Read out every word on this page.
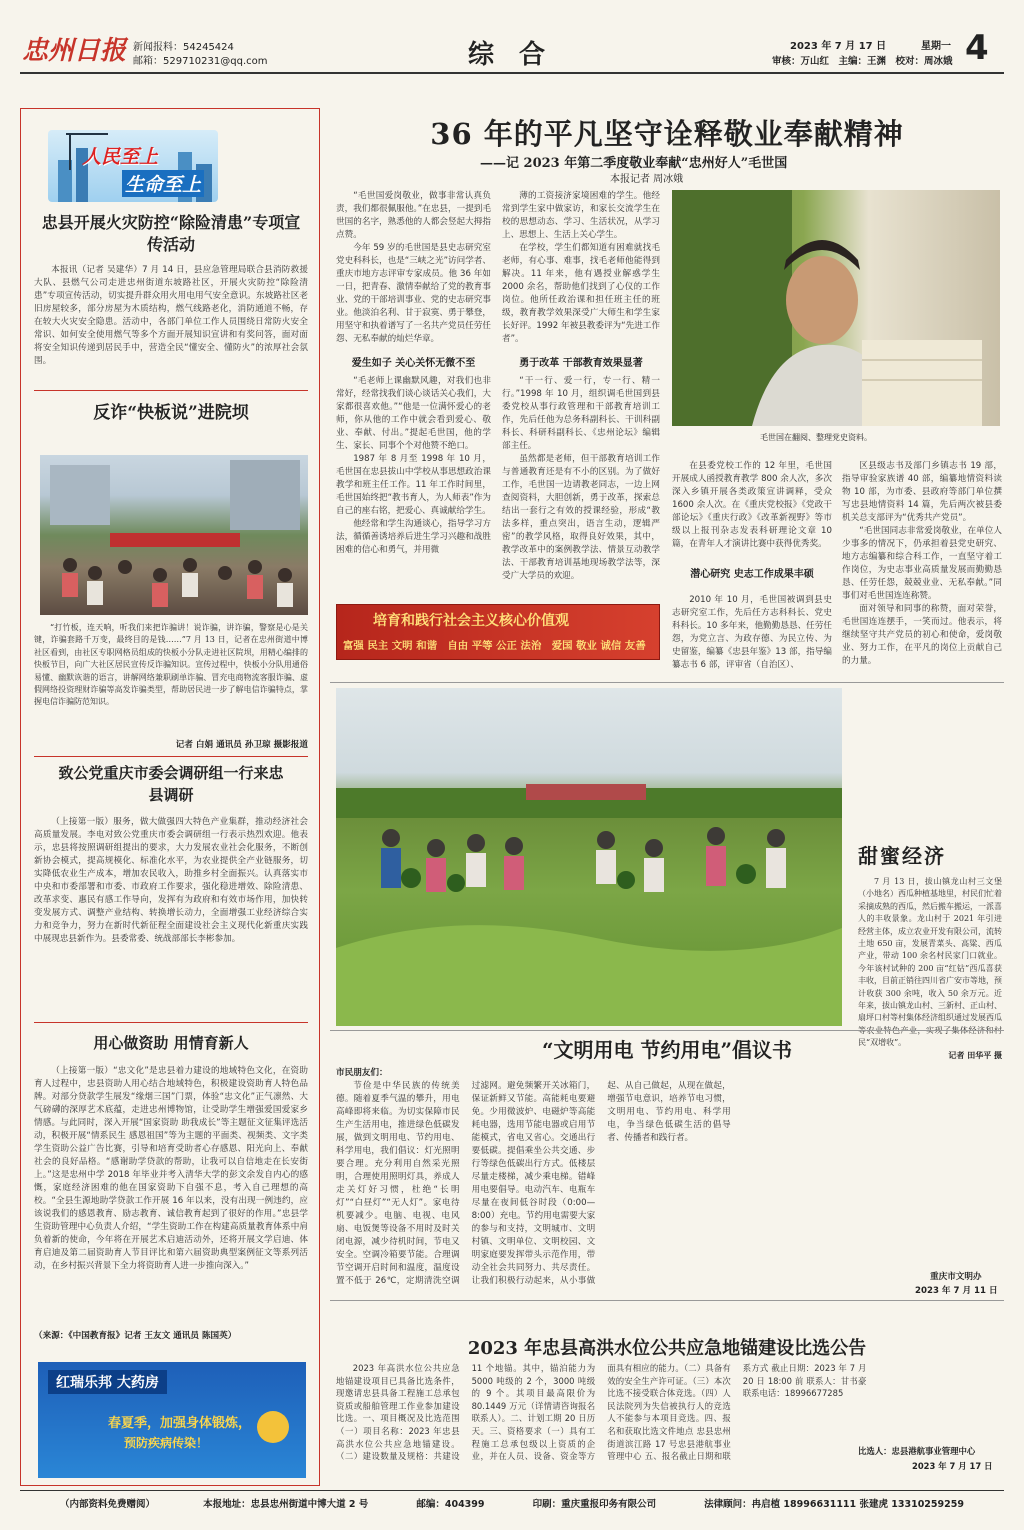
忠州日报 新闻报料：54245424
邮箱：529710231@qq.com	综 合	2023 年 7 月 17 日	星期一 4
审核：万山红　主编：王渊　校对：周冰娥
人民至上
生命至上
忠县开展火灾防控“除险清患”专项宣传活动

本报讯（记者 吴建华）7 月 14 日，县应急管理局联合县消防救援大队、县燃气公司走进忠州街道东坡路社区，开展火灾防控“除险清患”专项宣传活动，切实提升群众用火用电用气安全意识。东坡路社区老旧房屋较多，部分房屋为木质结构，燃气线路老化，消防通道不畅，存在较大火灾安全隐患。活动中，各部门单位工作人员围绕日常防火安全常识、如何安全使用燃气等多个方面开展知识宣讲和有奖问答，面对面将安全知识传递到居民手中，营造全民“懂安全、懂防火”的浓厚社会氛围。

反诈“快板说”进院坝

“打竹板，连天响，听我们来把诈骗讲！说诈骗，讲诈骗，警察是心是关键，诈骗套路千万变，最终目的是钱……”7 月 13 日，记者在忠州街道中博社区看到，由社区专职网格员组成的快板小分队走进社区院坝，用精心编排的快板节目，向广大社区居民宣传反诈骗知识。宣传过程中，快板小分队用通俗易懂、幽默诙谐的语言，讲解网络兼职刷单诈骗、冒充电商物流客服诈骗、虚假网络投资理财诈骗等高发诈骗类型，帮助居民进一步了解电信诈骗特点，掌握电信诈骗防范知识。

记者 白娟 通讯员 孙卫琼 摄影报道
致公党重庆市委会调研组一行来忠县调研

（上接第一版）服务，做大做强四大特色产业集群，推动经济社会高质量发展。李电对致公党重庆市委会调研组一行表示热烈欢迎。他表示，忠县将按照调研组提出的要求，大力发展农业社会化服务，不断创新协会模式，提高规模化、标准化水平，为农业提供全产业链服务，切实降低农业生产成本，增加农民收入，助推乡村全面振兴。认真落实市中央和市委部署和市委、市政府工作要求，强化稳进增效、除险清患、改革求变、惠民有感工作导向，发挥有为政府和有效市场作用，加快转变发展方式、调整产业结构、转换增长动力，全面增强工业经济综合实力和竞争力，努力在新时代新征程全面建设社会主义现代化新重庆实践中展现忠县新作为。县委常委、统战部部长李彬参加。

用心做资助 用情育新人

（上接第一版）“忠文化”是忠县着力建设的地域特色文化，在资助育人过程中，忠县资助人用心结合地域特色，积极建设资助育人特色品牌。对部分贷款学生展发“缘烟三国”门票，体验“忠文化”正气凛然、大气磅礴的深厚艺术底蕴，走进忠州博物馆，让受助学生增强爱国爱家乡情感。与此同时，深入开展“国家资助 助我成长”等主题征文征集评选活动，积极开展“情系民生 感恩祖国”等为主题的平面类、视频类、文字类学生资助公益广告比赛，引导和培育受助者心存感恩、阳光向上、奉献社会的良好品格。“感谢助学贷款的帮助，让我可以自信地走在长安街上。”这是忠州中学 2018 年毕业并考入清华大学的彭文余发自内心的感慨，家庭经济困难的他在国家资助下自强不息，考入自己理想的高校。“全县生源地助学贷款工作开展 16 年以来，没有出现一例违约，应该说我们的感恩教育、励志教育、诚信教育起到了很好的作用。”忠县学生资助管理中心负责人介绍，“学生资助工作在构建高质量教育体系中肩负着新的使命，今年将在开展艺术启迪活动外，还将开展文学启迪、体育启迪及第二届资助育人节目评比和第六届资助典型案例征文等系列活动，在乡村振兴背景下全力将资助育人进一步推向深入。”

（来源：《中国教育报》记者 王友文 通讯员 陈国英）
红瑞乐邦 大药房
春夏季，加强身体锻炼，
预防疾病传染！
36 年的平凡坚守诠释敬业奉献精神
——记 2023 年第二季度敬业奉献“忠州好人”毛世国
本报记者 周冰娥

“毛世国爱岗敬业，做事非常认真负责，我们都很佩服他。”在忠县，一提到毛世国的名字，熟悉他的人都会竖起大拇指点赞。

今年 59 岁的毛世国是县史志研究室党史科科长，也是“三峡之光”访问学者、重庆市地方志评审专家成员。他 36 年如一日，把青春、激情奉献给了党的教育事业、党的干部培训事业、党的史志研究事业。他淡泊名利、甘于寂寞、勇于攀登，用坚守和执着谱写了一名共产党员任劳任怨、无私奉献的灿烂华章。

爱生如子 关心关怀无微不至

“毛老师上课幽默风趣，对我们也非常好，经常找我们谈心谈话关心我们，大家都很喜欢他。”“他是一位满怀爱心的老师，你从他的工作中就会看到爱心、敬业、奉献、付出。”提起毛世国，他的学生、家长、同事个个对他赞不绝口。

1987 年 8 月至 1998 年 10 月，毛世国在忠县拔山中学校从事思想政治课教学和班主任工作。11 年工作时间里，毛世国始终把“教书育人，为人师表”作为自己的座右铭，把爱心、真诚献给学生。

他经常和学生沟通谈心，指导学习方法，循循善诱培养后进生学习兴趣和战胜困难的信心和勇气，并用微

薄的工资接济家境困难的学生。他经常到学生家中做家访，和家长交流学生在校的思想动态、学习、生活状况，从学习上、思想上、生活上关心学生。

在学校，学生们都知道有困难就找毛老师，有心事、难事，找毛老师他能得到解决。11 年来，他有遇授业解惑学生 2000 余名，帮助他们找到了心仪的工作岗位。他所任政治课和担任班主任的班级，教育教学效果深受广大师生和学生家长好评。1992 年被县教委评为“先进工作者”。

勇于改革 干部教育效果显著

“干一行、爱一行，专一行、精一行。”1998 年 10 月，组织调毛世国到县委党校从事行政管理和干部教育培训工作，先后任他为总务科副科长、干训科副科长、科研科副科长、《忠州论坛》编辑部主任。

虽然都是老师，但干部教育培训工作与普通教育还是有不小的区别。为了做好工作，毛世国一边请教老同志，一边上网查阅资料，大胆创新，勇于改革，探索总结出一套行之有效的授课经验，形成“教法多样，重点突出，语言生动，逻辑严密”的教学风格，取得良好效果，其中，教学改革中的案例教学法、情景互动教学法、干部教育培训基地现场教学法等，深受广大学员的欢迎。

毛世国在翻阅、整理党史资料。

在县委党校工作的 12 年里，毛世国开展成人函授教育教学 800 余人次，多次深入乡镇开展各类政策宣讲调释，受众 1600 余人次。在《重庆党校报》《党政干部论坛》《重庆行政》《改革新视野》等市级以上报刊杂志发表科研理论文章 10 篇，在青年人才演讲比赛中获得优秀奖。

潜心研究 史志工作成果丰硕

2010 年 10 月，毛世国被调到县史志研究室工作，先后任方志科科长、党史科科长。10 多年来，他勤勤恳恳、任劳任怨，为党立言、为政存德、为民立传、为史留鉴，编纂《忠县年鉴》13 部，指导编纂志书 6 部，评审省（自治区）、

区县级志书及部门乡镇志书 19 部，指导审验家族谱 40 部，编纂地情资料读物 10 部，为市委、县政府等部门单位撰写忠县地情资料 14 篇，先后两次被县委机关总支部评为“优秀共产党员”。

“毛世国同志非常爱岗敬业，在单位人少事多的情况下，仍承担着县党史研究、地方志编纂和综合科工作，一直坚守着工作岗位，为史志事业高质量发展而勤勤恳恳、任劳任怨，兢兢业业、无私奉献。”同事们对毛世国连连称赞。

面对领导和同事的称赞，面对荣誉，毛世国连连摆手，一笑而过。他表示，将继续坚守共产党员的初心和使命，爱岗敬业、努力工作，在平凡的岗位上贡献自己的力量。

培育和践行社会主义核心价值观
富强 民主 文明 和谐　自由 平等 公正 法治　爱国 敬业 诚信 友善
甜蜜经济

7 月 13 日，拔山镇龙山村三文堡（小地名）西瓜种植基地里，村民们忙着采摘成熟的西瓜，然后搬车搬运，一派喜人的丰收景象。龙山村于 2021 年引进经营主体，成立农业开发有限公司，流转土地 650 亩，发展青菜头、高粱、西瓜产业，带动 100 余名村民家门口就业。今年该村试种的 200 亩“红钻”西瓜喜获丰收，目前正销往四川省广安市等地，预计收获 300 余吨，收入 50 余万元。近年来，拔山镇龙山村、三新村、正山村、扇坪口村等村集体经济组织通过发展西瓜 民“双增收”。

记者 田华平 摄
“文明用电 节约用电”倡议书
市民朋友们：

节俭是中华民族的传统美德。随着夏季气温的攀升，用电高峰即将来临。为切实保障市民生产生活用电，推进绿色低碳发展，做到文明用电、节约用电、科学用电，我们倡议：灯光照明要合理。充分利用自然采光照明，合理使用照明灯具，养成人走关灯好习惯，杜绝“长明灯”“白昼灯”“无人灯”。家电待机要减少。电脑、电视、电风扇、电饭煲等设备不用时及时关闭电源，减少待机时间，节电又安全。空调冷箱要节能。合理调节空调开启时间和温度，温度设置不低于 26℃，定期清洗空调过滤网。避免频繁开关冰箱门，保证新鲜又节能。高能耗电要避免。少用微波炉、电磁炉等高能耗电器，选用节能电器或启用节能模式，省电又省心。交通出行要低碳。提倡乘坐公共交通、步行等绿色低碳出行方式。低楼层尽量走楼梯，减少乘电梯。错峰用电要倡导。电动汽车、电瓶车尽量在夜间低谷时段（0:00—8:00）充电。节约用电需要大家的参与和支持，文明城市、文明村镇、文明单位、文明校园、文明家庭要发挥带头示范作用，带动全社会共同努力、共尽责任。让我们积极行动起来，从小事做起、从自己做起，从现在做起，增强节电意识，培养节电习惯，文明用电、节约用电、科学用电，争当绿色低碳生活的倡导者、传播者和践行者。

重庆市文明办
2023 年 7 月 11 日
2023 年忠县高洪水位公共应急地锚建设比选公告

2023 年高洪水位公共应急地锚建设项目已具备比选条件，现邀请忠县具备工程施工总承包资质或船舶管理工作业参加建设比选。一、项目概况及比选范围（一）项目名称：2023 年忠县高洪水位公共应急地锚建设。（二）建设数量及规格：共建设 11 个地锚。其中，锚泊能力为 5000 吨级的 2 个，3000 吨级的 9 个。其项目最高限价为 80.1449 万元（详情请咨询报名联系人）。二、计划工期 20 日历天。三、资格要求（一）具有工程施工总承包级以上资质的企业，并在人员、设备、资金等方面具有相应的能力。（二）具备有效的安全生产许可证。（三）本次比选不接受联合体竞选。（四）人民法院列为失信被执行人的竞选人不能参与本项目竞选。四、报名和获取比选文件地点 忠县忠州街道滨江路 17 号忠县港航事业管理中心 五、报名截止日期和联系方式 截止日期：2023 年 7 月 20 日 18:00 前 联系人：甘书豪 联系电话：18996677285

比选人：忠县港航事业管理中心
2023 年 7 月 17 日
（内部资料免费赠阅）	本报地址：忠县忠州街道中博大道 2 号	邮编：404399	印刷：重庆重报印务有限公司	法律顾问：冉启植 18996631111 张建虎 13310259259
